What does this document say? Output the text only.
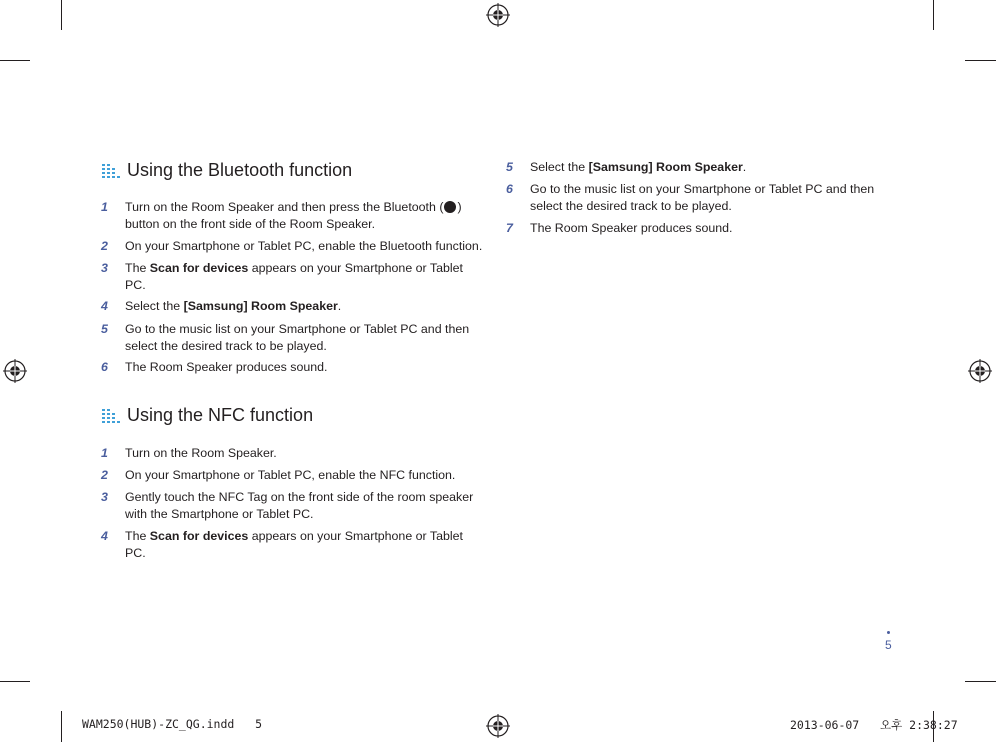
Using the Bluetooth function
1 Turn on the Room Speaker and then press the Bluetooth ( )
button on the front side of the Room Speaker.
2 On your Smartphone or Tablet PC, enable the Bluetooth function.
3 The Scan for devices appears on your Smartphone or Tablet
PC.
4 Select the [Samsung] Room Speaker.
5 Go to the music list on your Smartphone or Tablet PC and then
select the desired track to be played.
6 The Room Speaker produces sound.
Using the NFC function
1 Turn on the Room Speaker.
2 On your Smartphone or Tablet PC, enable the NFC function.
3 Gently touch the NFC Tag on the front side of the room speaker
with the Smartphone or Tablet PC.
4 The Scan for devices appears on your Smartphone or Tablet
PC.
5 Select the [Samsung] Room Speaker.
6 Go to the music list on your Smartphone or Tablet PC and then
select the desired track to be played.
7 The Room Speaker produces sound.
5
WAM250(HUB)-ZC_QG.indd   5	2013-06-07   오후 2:38:27
